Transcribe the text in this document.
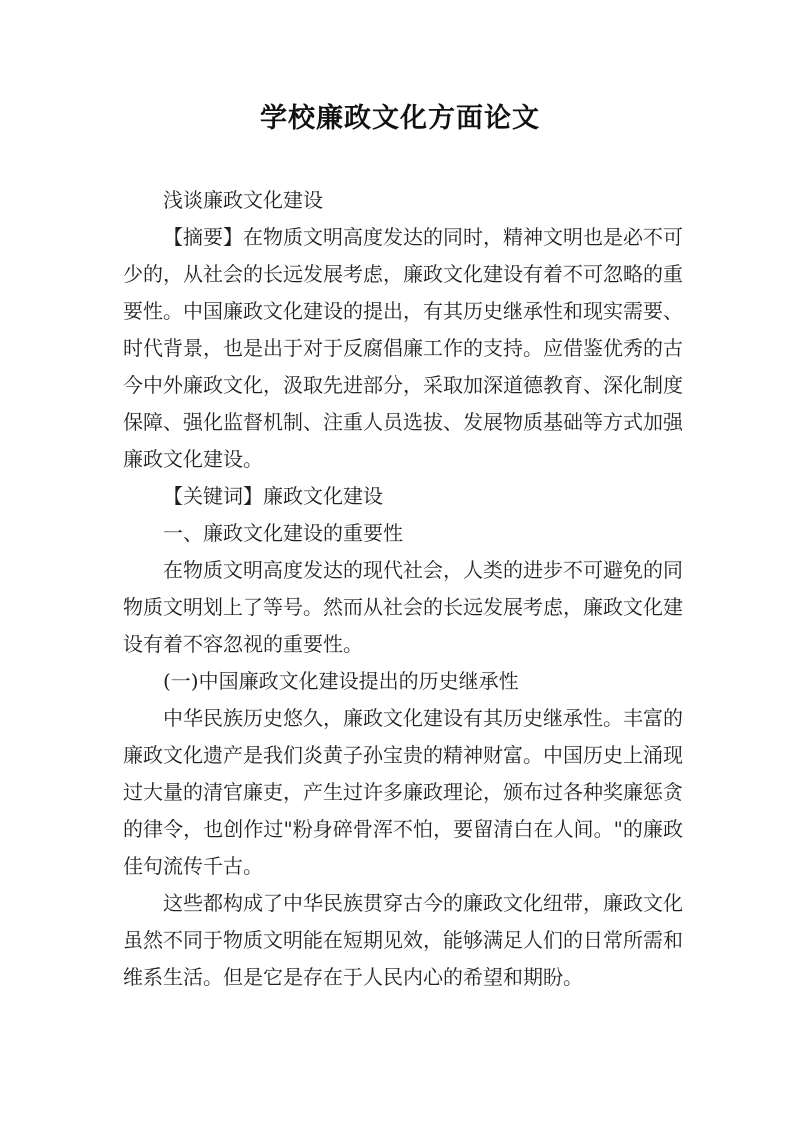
学校廉政文化方面论文

浅谈廉政文化建设

【摘要】在物质文明高度发达的同时，精神文明也是必不可少的，从社会的长远发展考虑，廉政文化建设有着不可忽略的重要性。中国廉政文化建设的提出，有其历史继承性和现实需要、时代背景，也是出于对于反腐倡廉工作的支持。应借鉴优秀的古今中外廉政文化，汲取先进部分，采取加深道德教育、深化制度保障、强化监督机制、注重人员选拔、发展物质基础等方式加强廉政文化建设。

【关键词】廉政文化建设

一、廉政文化建设的重要性

在物质文明高度发达的现代社会，人类的进步不可避免的同物质文明划上了等号。然而从社会的长远发展考虑，廉政文化建设有着不容忽视的重要性。

(一)中国廉政文化建设提出的历史继承性

中华民族历史悠久，廉政文化建设有其历史继承性。丰富的廉政文化遗产是我们炎黄子孙宝贵的精神财富。中国历史上涌现过大量的清官廉吏，产生过许多廉政理论，颁布过各种奖廉惩贪的律令，也创作过"粉身碎骨浑不怕，要留清白在人间。"的廉政佳句流传千古。

这些都构成了中华民族贯穿古今的廉政文化纽带，廉政文化虽然不同于物质文明能在短期见效，能够满足人们的日常所需和维系生活。但是它是存在于人民内心的希望和期盼。
